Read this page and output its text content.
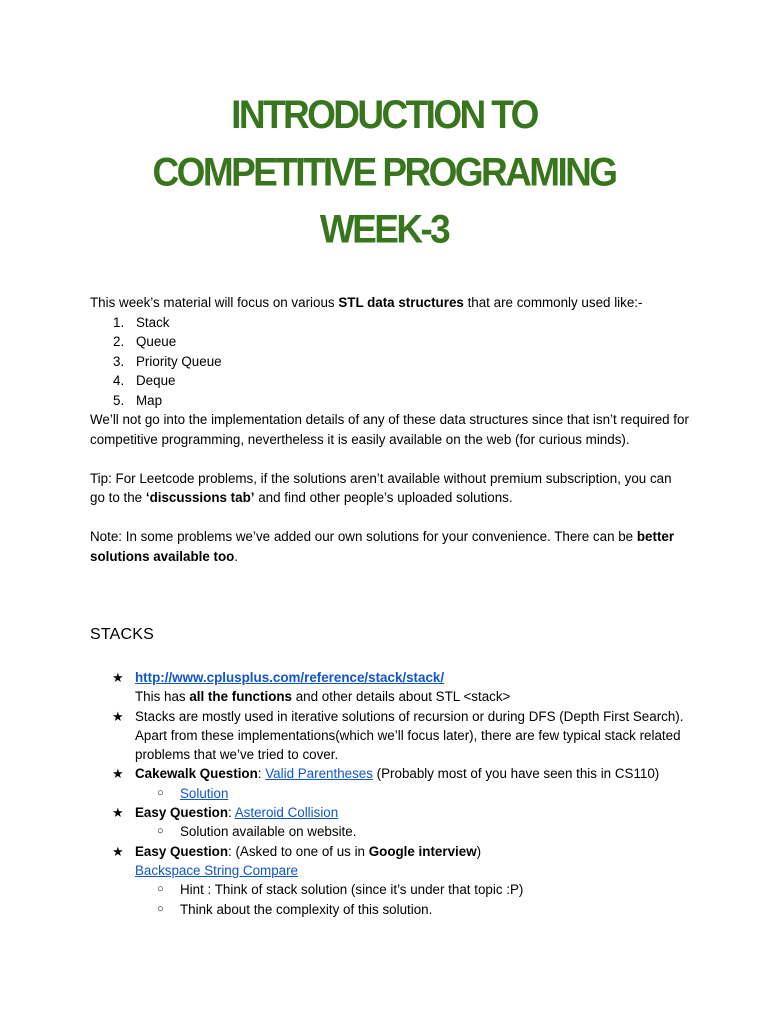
INTRODUCTION TO
COMPETITIVE PROGRAMING
WEEK-3

This week’s material will focus on various STL data structures that are commonly used like:-

1. Stack
2. Queue
3. Priority Queue
4. Deque
5. Map

We’ll not go into the implementation details of any of these data structures since that isn’t required for competitive programming, nevertheless it is easily available on the web (for curious minds).

Tip: For Leetcode problems, if the solutions aren’t available without premium subscription, you can go to the ‘discussions tab’ and find other people’s uploaded solutions.

Note: In some problems we’ve added our own solutions for your convenience. There can be better solutions available too.

STACKS
★ http://www.cplusplus.com/reference/stack/stack/
This has all the functions and other details about STL <stack>
★ Stacks are mostly used in iterative solutions of recursion or during DFS (Depth First Search). Apart from these implementations(which we’ll focus later), there are few typical stack related problems that we’ve tried to cover.
★ Cakewalk Question: Valid Parentheses (Probably most of you have seen this in CS110)
○ Solution
★ Easy Question: Asteroid Collision
○ Solution available on website.
★ Easy Question: (Asked to one of us in Google interview)
Backspace String Compare
○ Hint : Think of stack solution (since it’s under that topic :P)
○ Think about the complexity of this solution.
